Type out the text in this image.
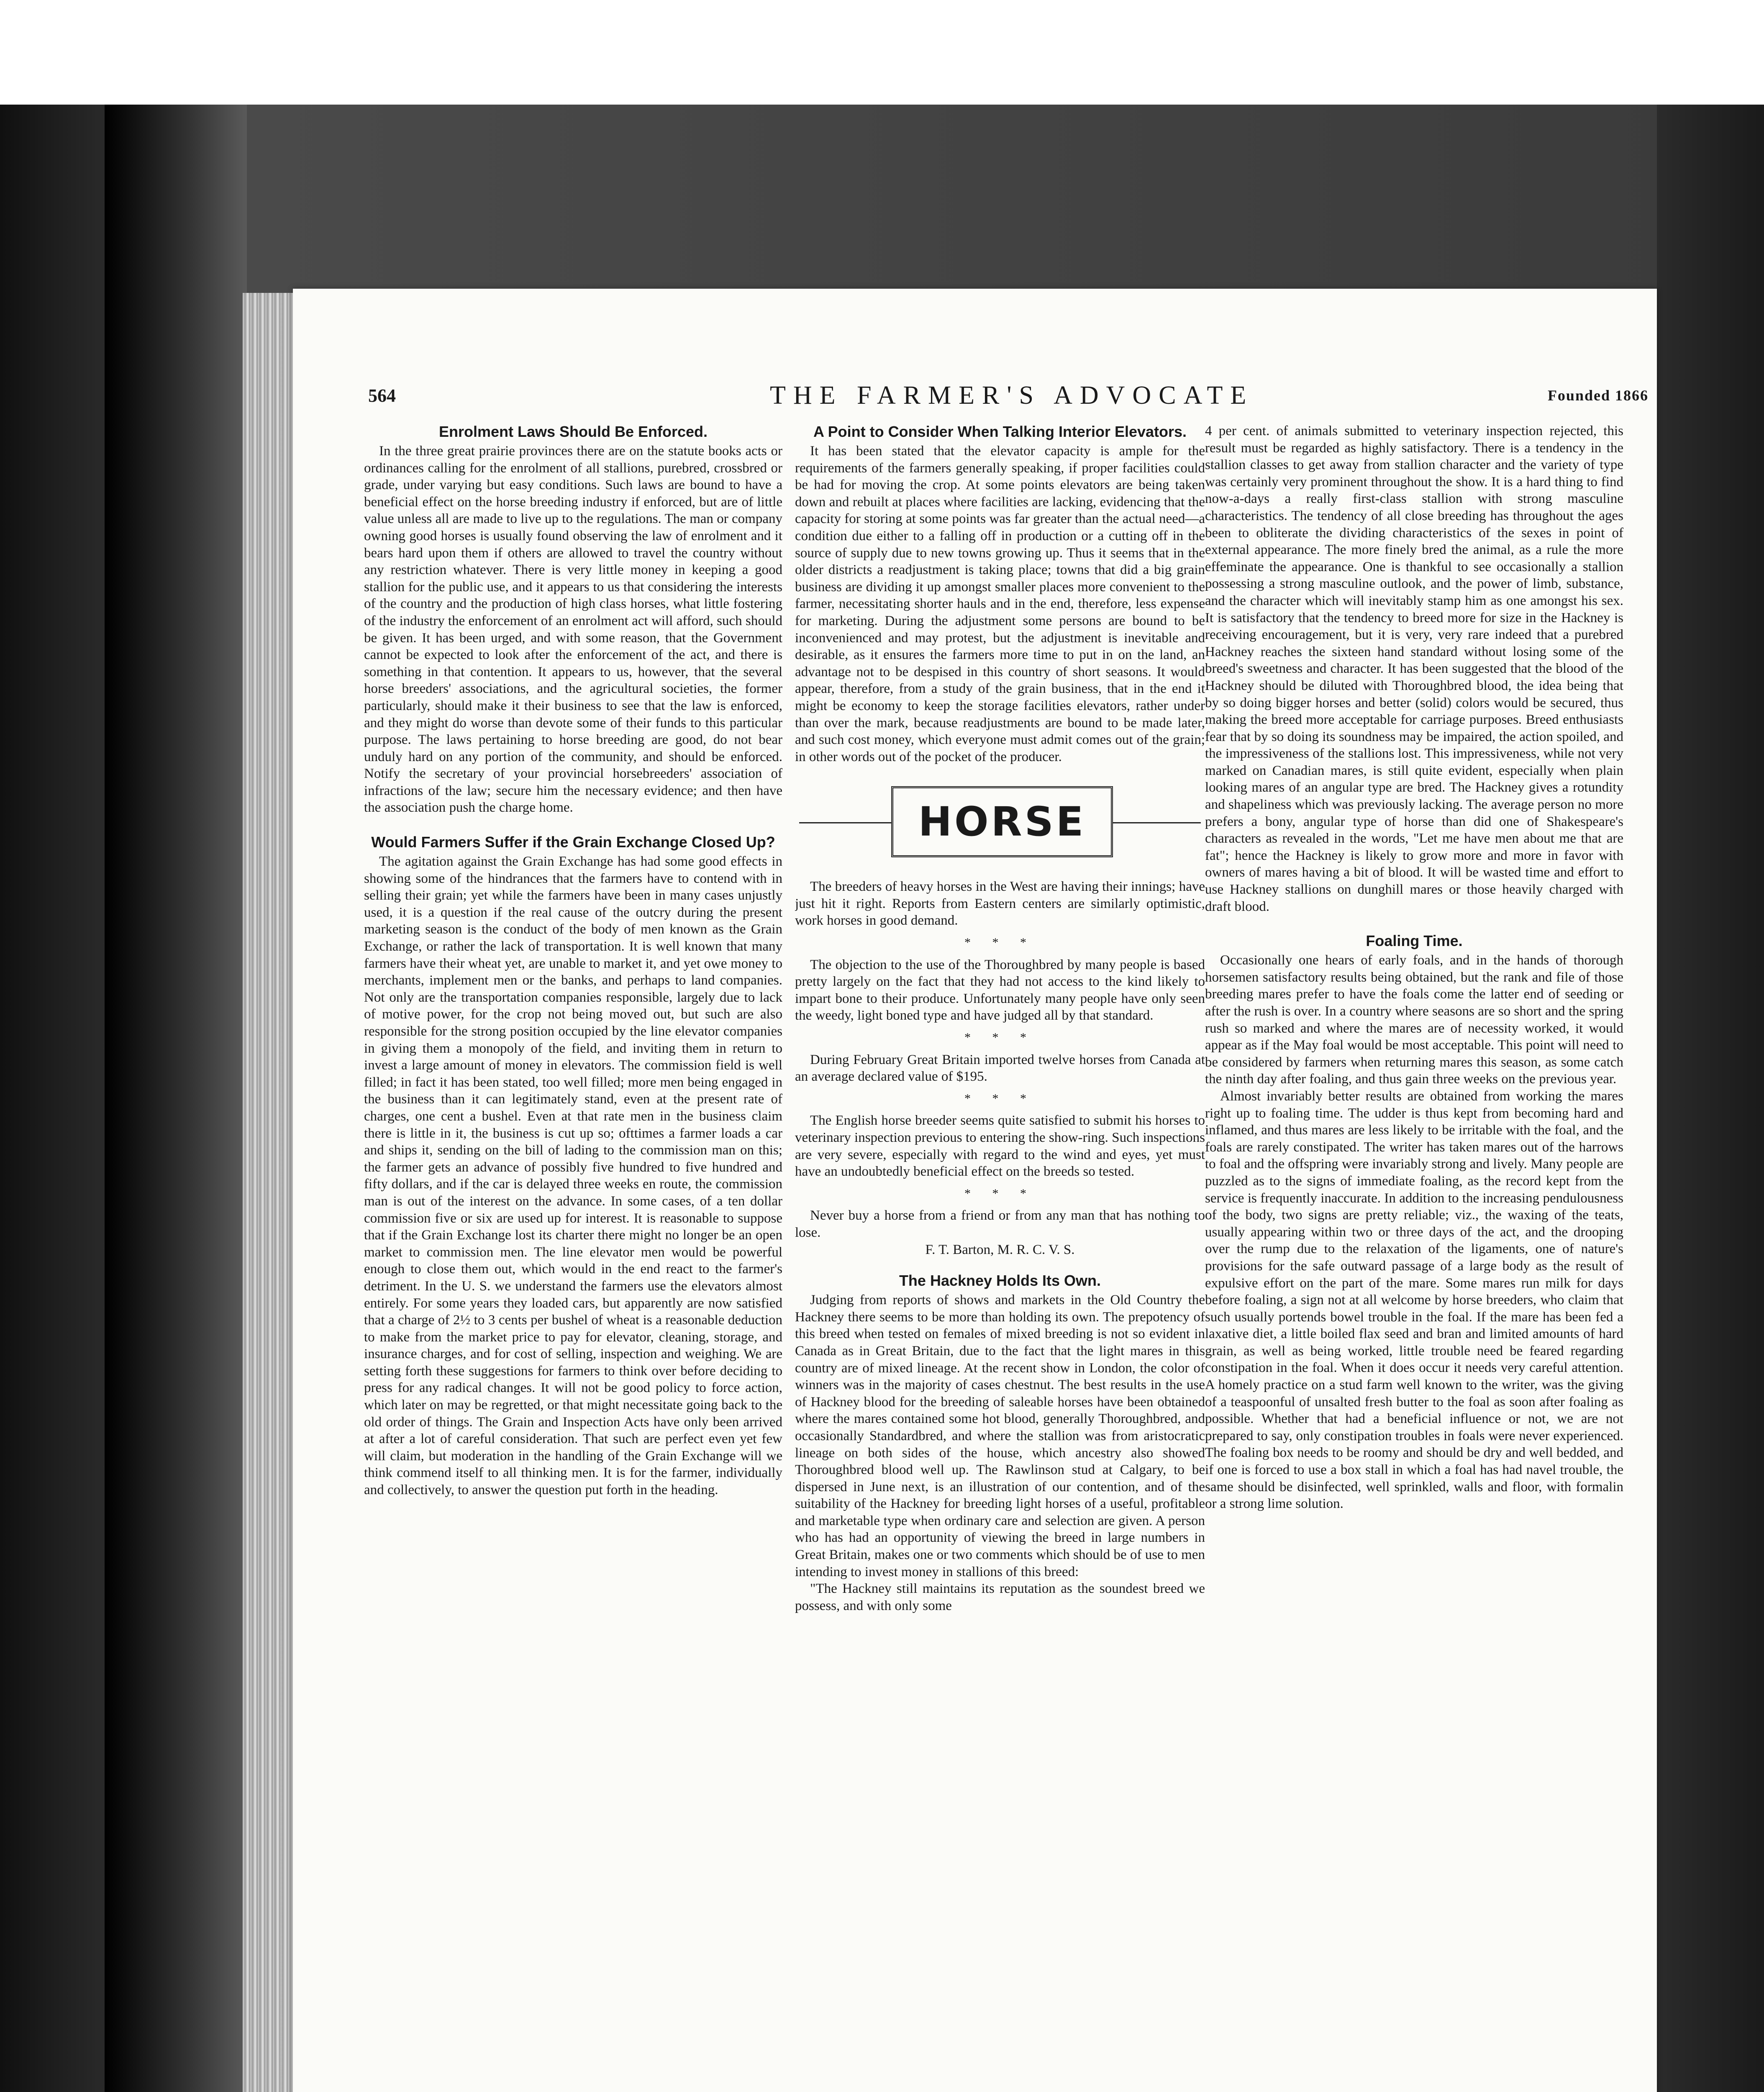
564	THE FARMER'S ADVOCATE	Founded 1866
Enrolment Laws Should Be Enforced.

In the three great prairie provinces there are on the statute books acts or ordinances calling for the enrolment of all stallions, purebred, crossbred or grade, under varying but easy conditions. Such laws are bound to have a beneficial effect on the horse breeding industry if enforced, but are of little value unless all are made to live up to the regulations. The man or company owning good horses is usually found observing the law of enrolment and it bears hard upon them if others are allowed to travel the country without any restriction whatever. There is very little money in keeping a good stallion for the public use, and it appears to us that considering the interests of the country and the production of high class horses, what little fostering of the industry the enforcement of an enrolment act will afford, such should be given. It has been urged, and with some reason, that the Government cannot be expected to look after the enforcement of the act, and there is something in that contention. It appears to us, however, that the several horse breeders' associations, and the agricultural societies, the former particularly, should make it their business to see that the law is enforced, and they might do worse than devote some of their funds to this particular purpose. The laws pertaining to horse breeding are good, do not bear unduly hard on any portion of the community, and should be enforced. Notify the secretary of your provincial horsebreeders' association of infractions of the law; secure him the necessary evidence; and then have the association push the charge home.

Would Farmers Suffer if the Grain Exchange Closed Up?

The agitation against the Grain Exchange has had some good effects in showing some of the hindrances that the farmers have to contend with in selling their grain; yet while the farmers have been in many cases unjustly used, it is a question if the real cause of the outcry during the present marketing season is the conduct of the body of men known as the Grain Exchange, or rather the lack of transportation. It is well known that many farmers have their wheat yet, are unable to market it, and yet owe money to merchants, implement men or the banks, and perhaps to land companies. Not only are the transportation companies responsible, largely due to lack of motive power, for the crop not being moved out, but such are also responsible for the strong position occupied by the line elevator companies in giving them a monopoly of the field, and inviting them in return to invest a large amount of money in elevators. The commission field is well filled; in fact it has been stated, too well filled; more men being engaged in the business than it can legitimately stand, even at the present rate of charges, one cent a bushel. Even at that rate men in the business claim there is little in it, the business is cut up so; ofttimes a farmer loads a car and ships it, sending on the bill of lading to the commission man on this; the farmer gets an advance of possibly five hundred to five hundred and fifty dollars, and if the car is delayed three weeks en route, the commission man is out of the interest on the advance. In some cases, of a ten dollar commission five or six are used up for interest. It is reasonable to suppose that if the Grain Exchange lost its charter there might no longer be an open market to commission men. The line elevator men would be powerful enough to close them out, which would in the end react to the farmer's detriment. In the U. S. we understand the farmers use the elevators almost entirely. For some years they loaded cars, but apparently are now satisfied that a charge of 2½ to 3 cents per bushel of wheat is a reasonable deduction to make from the market price to pay for elevator, cleaning, storage, and insurance charges, and for cost of selling, inspection and weighing. We are setting forth these suggestions for farmers to think over before deciding to press for any radical changes. It will not be good policy to force action, which later on may be regretted, or that might necessitate going back to the old order of things. The Grain and Inspection Acts have only been arrived at after a lot of careful consideration. That such are perfect even yet few will claim, but moderation in the handling of the Grain Exchange will we think commend itself to all thinking men. It is for the farmer, individually and collectively, to answer the question put forth in the heading.

A Point to Consider When Talking Interior Elevators.

It has been stated that the elevator capacity is ample for the requirements of the farmers generally speaking, if proper facilities could be had for moving the crop. At some points elevators are being taken down and rebuilt at places where facilities are lacking, evidencing that the capacity for storing at some points was far greater than the actual need—a condition due either to a falling off in production or a cutting off in the source of supply due to new towns growing up. Thus it seems that in the older districts a readjustment is taking place; towns that did a big grain business are dividing it up amongst smaller places more convenient to the farmer, necessitating shorter hauls and in the end, therefore, less expense for marketing. During the adjustment some persons are bound to be inconvenienced and may protest, but the adjustment is inevitable and desirable, as it ensures the farmers more time to put in on the land, an advantage not to be despised in this country of short seasons. It would appear, therefore, from a study of the grain business, that in the end it might be economy to keep the storage facilities elevators, rather under than over the mark, because readjustments are bound to be made later, and such cost money, which everyone must admit comes out of the grain; in other words out of the pocket of the producer.

HORSE

The breeders of heavy horses in the West are having their innings; have just hit it right. Reports from Eastern centers are similarly optimistic, work horses in good demand.

* * *

The objection to the use of the Thoroughbred by many people is based pretty largely on the fact that they had not access to the kind likely to impart bone to their produce. Unfortunately many people have only seen the weedy, light boned type and have judged all by that standard.

* * *

During February Great Britain imported twelve horses from Canada at an average declared value of $195.

* * *

The English horse breeder seems quite satisfied to submit his horses to veterinary inspection previous to entering the show-ring. Such inspections are very severe, especially with regard to the wind and eyes, yet must have an undoubtedly beneficial effect on the breeds so tested.

* * *

Never buy a horse from a friend or from any man that has nothing to lose.

F. T. Barton, M. R. C. V. S.
The Hackney Holds Its Own.

Judging from reports of shows and markets in the Old Country the Hackney there seems to be more than holding its own. The prepotency of this breed when tested on females of mixed breeding is not so evident in Canada as in Great Britain, due to the fact that the light mares in this country are of mixed lineage. At the recent show in London, the color of winners was in the majority of cases chestnut. The best results in the use of Hackney blood for the breeding of saleable horses have been obtained where the mares contained some hot blood, generally Thoroughbred, and occasionally Standardbred, and where the stallion was from aristocratic lineage on both sides of the house, which ancestry also showed Thoroughbred blood well up. The Rawlinson stud at Calgary, to be dispersed in June next, is an illustration of our contention, and of the suitability of the Hackney for breeding light horses of a useful, profitable and marketable type when ordinary care and selection are given. A person who has had an opportunity of viewing the breed in large numbers in Great Britain, makes one or two comments which should be of use to men intending to invest money in stallions of this breed:

"The Hackney still maintains its reputation as the soundest breed we possess, and with only some

4 per cent. of animals submitted to veterinary inspection rejected, this result must be regarded as highly satisfactory. There is a tendency in the stallion classes to get away from stallion character and the variety of type was certainly very prominent throughout the show. It is a hard thing to find now-a-days a really first-class stallion with strong masculine characteristics. The tendency of all close breeding has throughout the ages been to obliterate the dividing characteristics of the sexes in point of external appearance. The more finely bred the animal, as a rule the more effeminate the appearance. One is thankful to see occasionally a stallion possessing a strong masculine outlook, and the power of limb, substance, and the character which will inevitably stamp him as one amongst his sex. It is satisfactory that the tendency to breed more for size in the Hackney is receiving encouragement, but it is very, very rare indeed that a purebred Hackney reaches the sixteen hand standard without losing some of the breed's sweetness and character. It has been suggested that the blood of the Hackney should be diluted with Thoroughbred blood, the idea being that by so doing bigger horses and better (solid) colors would be secured, thus making the breed more acceptable for carriage purposes. Breed enthusiasts fear that by so doing its soundness may be impaired, the action spoiled, and the impressiveness of the stallions lost. This impressiveness, while not very marked on Canadian mares, is still quite evident, especially when plain looking mares of an angular type are bred. The Hackney gives a rotundity and shapeliness which was previously lacking. The average person no more prefers a bony, angular type of horse than did one of Shakespeare's characters as revealed in the words, "Let me have men about me that are fat"; hence the Hackney is likely to grow more and more in favor with owners of mares having a bit of blood. It will be wasted time and effort to use Hackney stallions on dunghill mares or those heavily charged with draft blood.

Foaling Time.

Occasionally one hears of early foals, and in the hands of thorough horsemen satisfactory results being obtained, but the rank and file of those breeding mares prefer to have the foals come the latter end of seeding or after the rush is over. In a country where seasons are so short and the spring rush so marked and where the mares are of necessity worked, it would appear as if the May foal would be most acceptable. This point will need to be considered by farmers when returning mares this season, as some catch the ninth day after foaling, and thus gain three weeks on the previous year.

Almost invariably better results are obtained from working the mares right up to foaling time. The udder is thus kept from becoming hard and inflamed, and thus mares are less likely to be irritable with the foal, and the foals are rarely constipated. The writer has taken mares out of the harrows to foal and the offspring were invariably strong and lively. Many people are puzzled as to the signs of immediate foaling, as the record kept from the service is frequently inaccurate. In addition to the increasing pendulousness of the body, two signs are pretty reliable; viz., the waxing of the teats, usually appearing within two or three days of the act, and the drooping over the rump due to the relaxation of the ligaments, one of nature's provisions for the safe outward passage of a large body as the result of expulsive effort on the part of the mare. Some mares run milk for days before foaling, a sign not at all welcome by horse breeders, who claim that such usually portends bowel trouble in the foal. If the mare has been fed a laxative diet, a little boiled flax seed and bran and limited amounts of hard grain, as well as being worked, little trouble need be feared regarding constipation in the foal. When it does occur it needs very careful attention. A homely practice on a stud farm well known to the writer, was the giving of a teaspoonful of unsalted fresh butter to the foal as soon after foaling as possible. Whether that had a beneficial influence or not, we are not prepared to say, only constipation troubles in foals were never experienced. The foaling box needs to be roomy and should be dry and well bedded, and if one is forced to use a box stall in which a foal has had navel trouble, the same should be disinfected, well sprinkled, walls and floor, with formalin or a strong lime solution.
